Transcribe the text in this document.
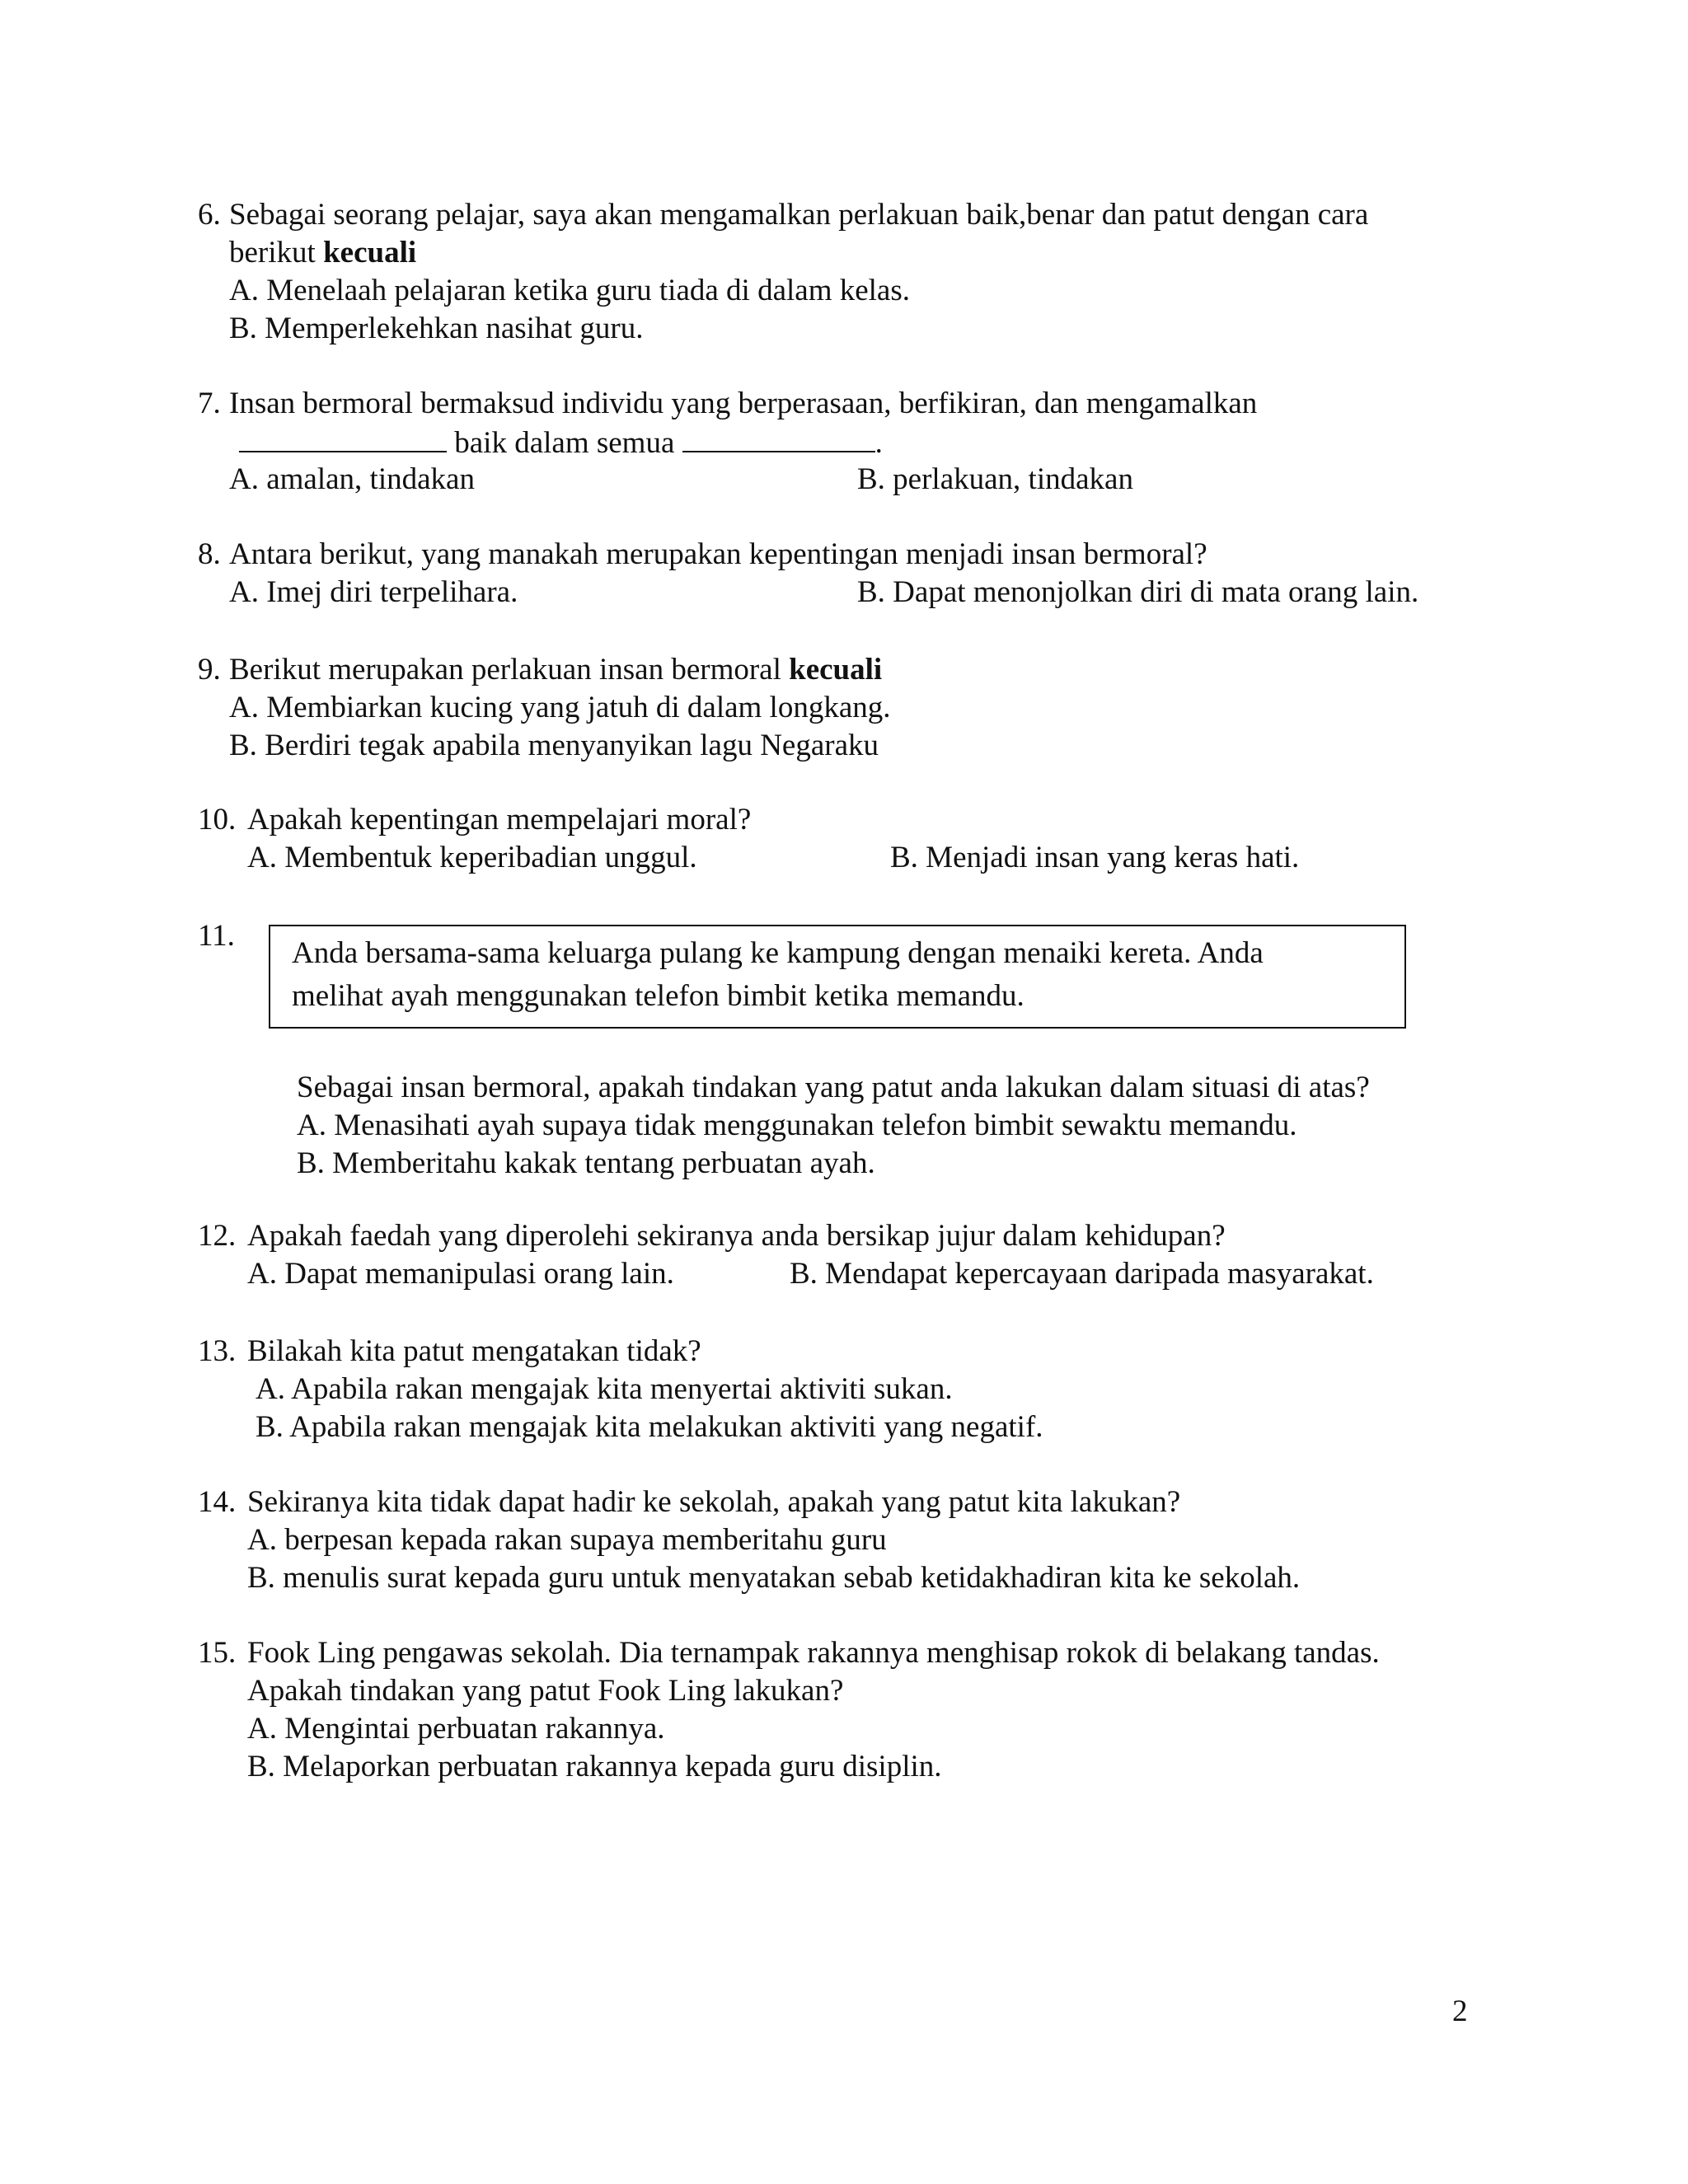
6. Sebagai seorang pelajar, saya akan mengamalkan perlakuan baik,benar dan patut dengan cara
berikut kecuali
A. Menelaah pelajaran ketika guru tiada di dalam kelas.
B. Memperlekehkan nasihat guru.
7. Insan bermoral bermaksud individu yang berperasaan, berfikiran, dan mengamalkan
baik dalam semua	.
A. amalan, tindakan	B. perlakuan, tindakan
8. Antara berikut, yang manakah merupakan kepentingan menjadi insan bermoral?
A. Imej diri terpelihara.	B. Dapat menonjolkan diri di mata orang lain.
9. Berikut merupakan perlakuan insan bermoral kecuali
A. Membiarkan kucing yang jatuh di dalam longkang.
B. Berdiri tegak apabila menyanyikan lagu Negaraku
10. Apakah kepentingan mempelajari moral?
A. Membentuk keperibadian unggul.	B. Menjadi insan yang keras hati.
11.
Anda bersama-sama keluarga pulang ke kampung dengan menaiki kereta. Anda
melihat ayah menggunakan telefon bimbit ketika memandu.
Sebagai insan bermoral, apakah tindakan yang patut anda lakukan dalam situasi di atas?
A. Menasihati ayah supaya tidak menggunakan telefon bimbit sewaktu memandu.
B. Memberitahu kakak tentang perbuatan ayah.
12. Apakah faedah yang diperolehi sekiranya anda bersikap jujur dalam kehidupan?
A. Dapat memanipulasi orang lain.	B. Mendapat kepercayaan daripada masyarakat.
13. Bilakah kita patut mengatakan tidak?
A. Apabila rakan mengajak kita menyertai aktiviti sukan.
B. Apabila rakan mengajak kita melakukan aktiviti yang negatif.
14. Sekiranya kita tidak dapat hadir ke sekolah, apakah yang patut kita lakukan?
A. berpesan kepada rakan supaya memberitahu guru
B. menulis surat kepada guru untuk menyatakan sebab ketidakhadiran kita ke sekolah.
15. Fook Ling pengawas sekolah. Dia ternampak rakannya menghisap rokok di belakang tandas.
Apakah tindakan yang patut Fook Ling lakukan?
A. Mengintai perbuatan rakannya.
B. Melaporkan perbuatan rakannya kepada guru disiplin.
2
